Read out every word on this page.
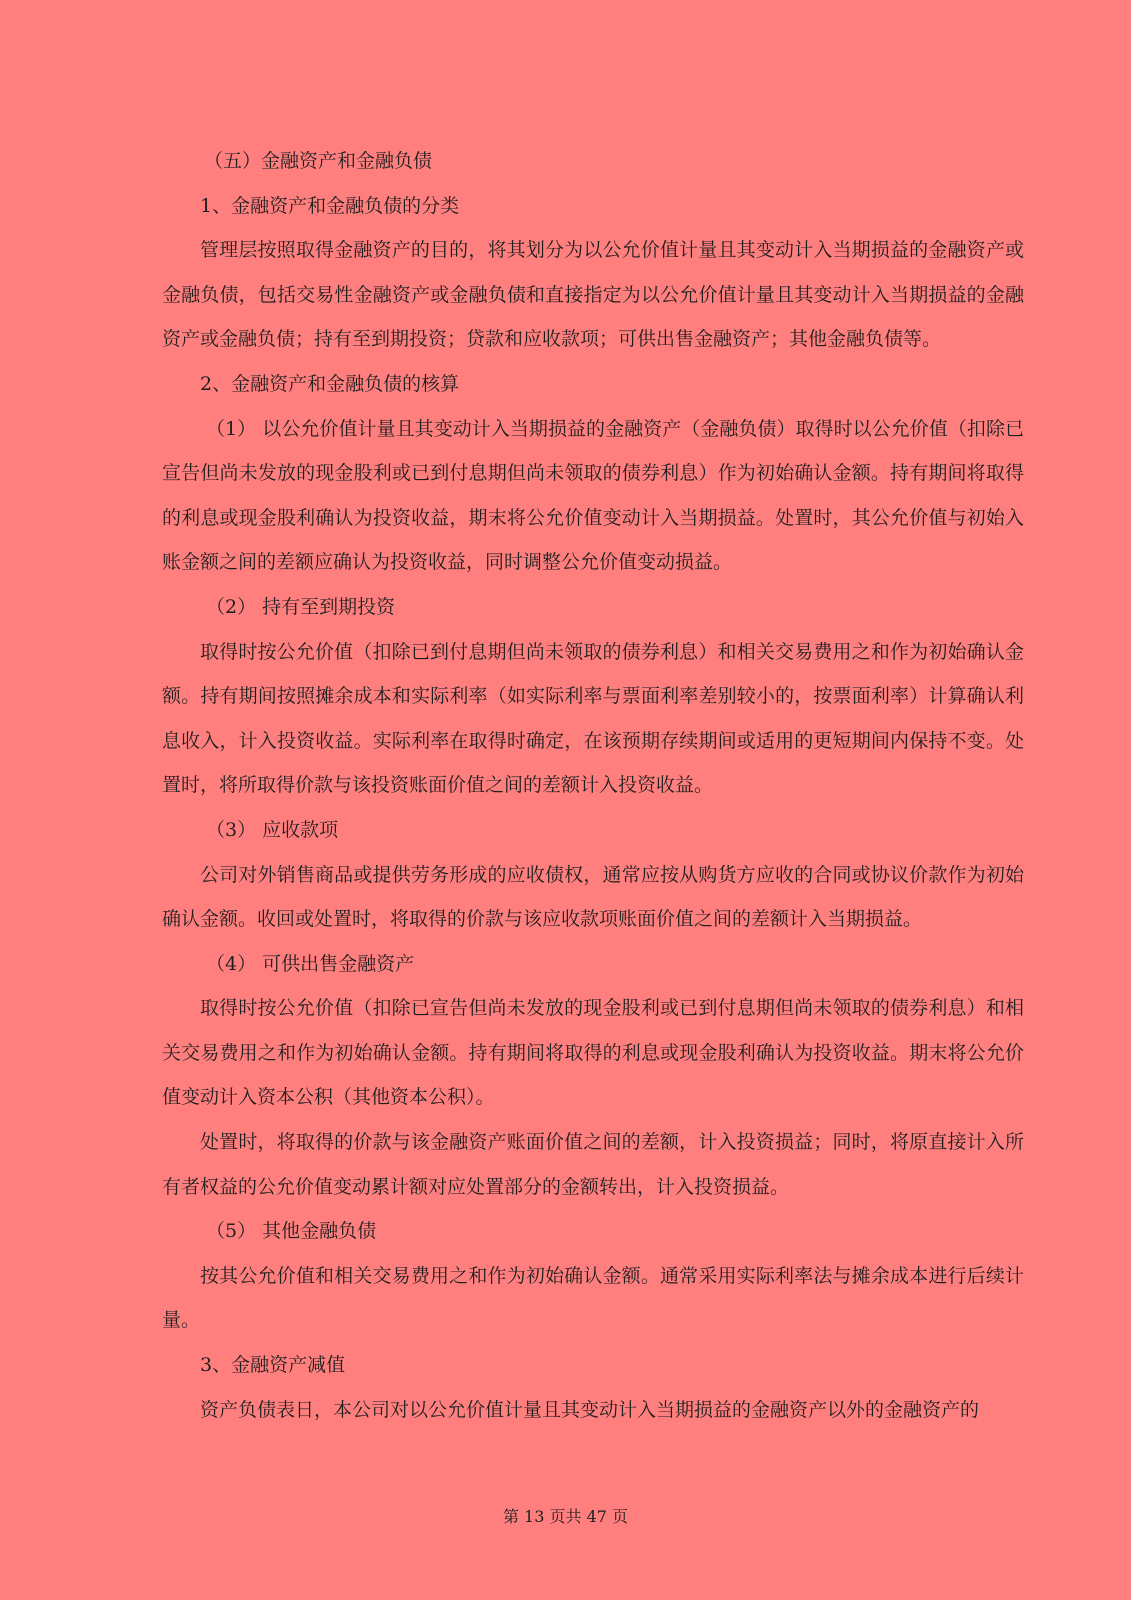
（五）金融资产和金融负债

1、金融资产和金融负债的分类

管理层按照取得金融资产的目的，将其划分为以公允价值计量且其变动计入当期损益的金融资产或金融负债，包括交易性金融资产或金融负债和直接指定为以公允价值计量且其变动计入当期损益的金融资产或金融负债；持有至到期投资；贷款和应收款项；可供出售金融资产；其他金融负债等。

2、金融资产和金融负债的核算

（1） 以公允价值计量且其变动计入当期损益的金融资产（金融负债）取得时以公允价值（扣除已宣告但尚未发放的现金股利或已到付息期但尚未领取的债券利息）作为初始确认金额。持有期间将取得的利息或现金股利确认为投资收益，期末将公允价值变动计入当期损益。处置时，其公允价值与初始入账金额之间的差额应确认为投资收益，同时调整公允价值变动损益。

（2） 持有至到期投资

取得时按公允价值（扣除已到付息期但尚未领取的债券利息）和相关交易费用之和作为初始确认金额。持有期间按照摊余成本和实际利率（如实际利率与票面利率差别较小的，按票面利率）计算确认利息收入，计入投资收益。实际利率在取得时确定，在该预期存续期间或适用的更短期间内保持不变。处置时，将所取得价款与该投资账面价值之间的差额计入投资收益。

（3） 应收款项

公司对外销售商品或提供劳务形成的应收债权，通常应按从购货方应收的合同或协议价款作为初始确认金额。收回或处置时，将取得的价款与该应收款项账面价值之间的差额计入当期损益。

（4） 可供出售金融资产

取得时按公允价值（扣除已宣告但尚未发放的现金股利或已到付息期但尚未领取的债券利息）和相关交易费用之和作为初始确认金额。持有期间将取得的利息或现金股利确认为投资收益。期末将公允价值变动计入资本公积（其他资本公积）。

处置时，将取得的价款与该金融资产账面价值之间的差额，计入投资损益；同时，将原直接计入所有者权益的公允价值变动累计额对应处置部分的金额转出，计入投资损益。

（5） 其他金融负债

按其公允价值和相关交易费用之和作为初始确认金额。通常采用实际利率法与摊余成本进行后续计量。

3、金融资产减值

资产负债表日，本公司对以公允价值计量且其变动计入当期损益的金融资产以外的金融资产的

第 13 页共 47 页
